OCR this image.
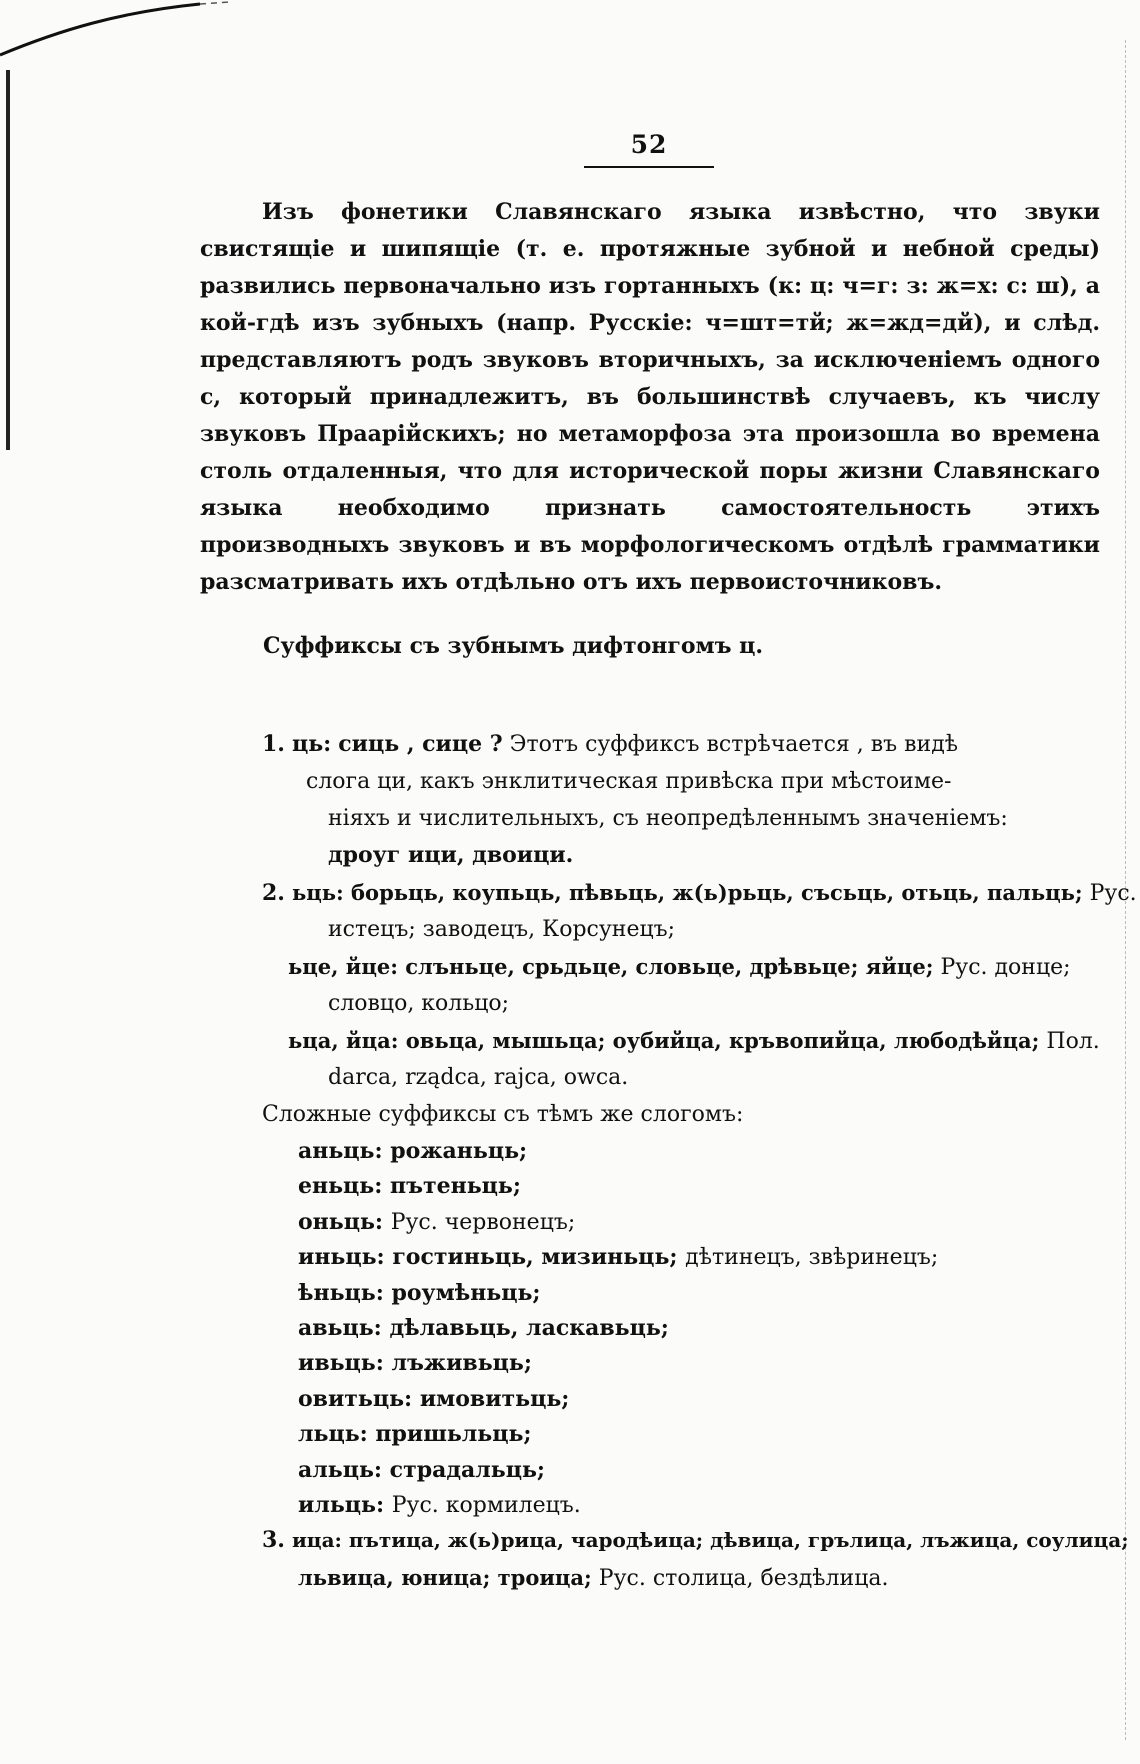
52
Изъ фонетики Славянскаго языка извѣстно, что звуки свистящіе и шипящіе (т. е. протяжные зубной и небной среды) развились первоначально изъ гортанныхъ (к: ц: ч=г: з: ж=х: с: ш), а кой-гдѣ изъ зубныхъ (напр. Русскіе: ч=шт=тй; ж=жд=дй), и слѣд. представляютъ родъ звуковъ вторичныхъ, за исключеніемъ одного с, который принадлежитъ, въ большинствѣ случаевъ, къ числу звуковъ Праарійскихъ; но метаморфоза эта произошла во времена столь отдаленныя, что для исторической поры жизни Славянскаго языка необходимо признать самостоятельность этихъ производныхъ звуковъ и въ морфологическомъ отдѣлѣ грамматики разсматривать ихъ отдѣльно отъ ихъ первоисточниковъ.
Суффиксы съ зубнымъ дифтонгомъ ц.
1. ць: сиць , сице ? Этотъ суффиксъ встрѣчается , въ видѣ
слога ци, какъ энклитическая привѣска при мѣстоиме-
ніяхъ и числительныхъ, съ неопредѣленнымъ значеніемъ:
дроуг ици, двоици.
2. ьць: борьць, коупьць, пѣвьць, ж(ь)рьць, съсьць, отьць, пальць; Рус.
истецъ; заводецъ, Корсунецъ;
ьце, йце: слъньце, срьдьце, словьце, дрѣвьце; яйце; Рус. донце;
словцо, кольцо;
ьца, йца: овьца, мышьца; оубийца, кръвопийца, любодѣйца; Пол.
darca, rządca, rajca, owca.
Сложные суффиксы съ тѣмъ же слогомъ:
аньць: рожаньць;
еньць: пътеньць;
оньць: Рус. червонецъ;
иньць: гостиньць, мизиньць; дѣтинецъ, звѣринецъ;
ѣньць: роумѣньць;
авьць: дѣлавьць, ласкавьць;
ивьць: лъживьць;
овитьць: имовитьць;
льць: пришьльць;
альць: страдальць;
ильць: Рус. кормилецъ.
3. ица: пътица, ж(ь)рица, чародѣица; дѣвица, грълица, лъжица, соулица;
львица, юница; троица; Рус. столица, бездѣлица.
